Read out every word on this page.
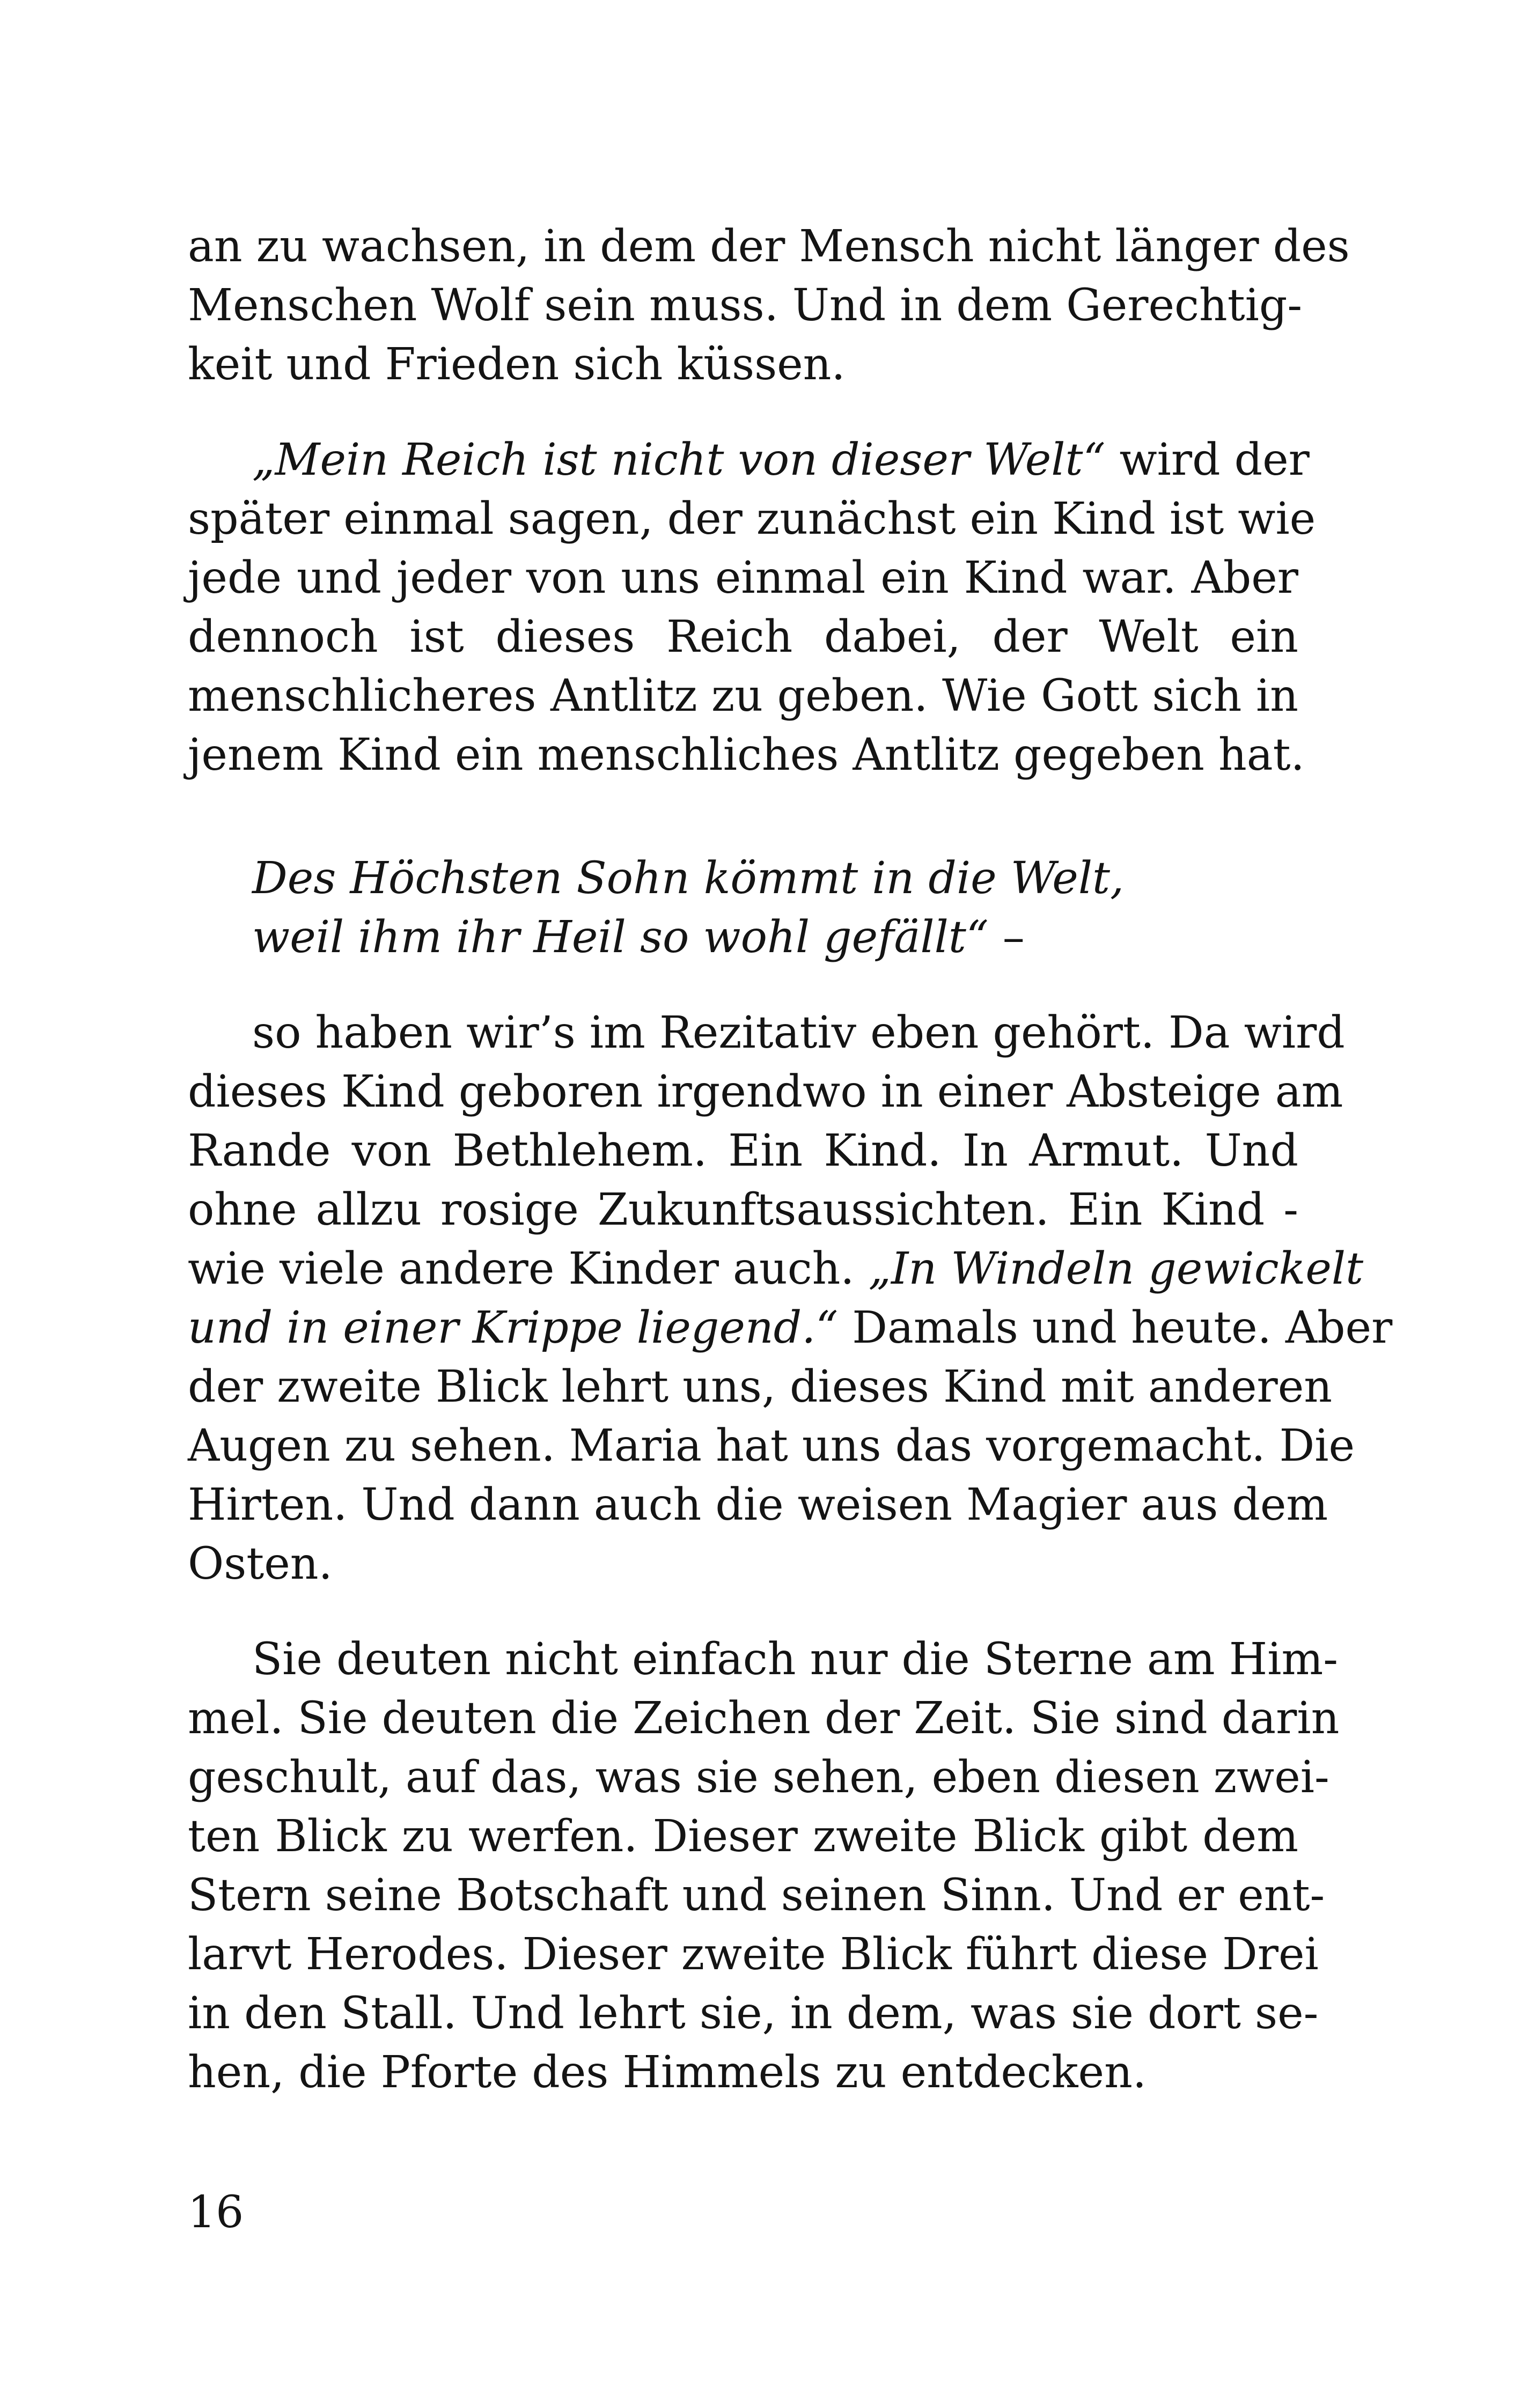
an zu wachsen, in dem der Mensch nicht länger des
Menschen Wolf sein muss. Und in dem Gerechtig-
keit und Frieden sich küssen.
„Mein Reich ist nicht von dieser Welt“ wird der
später einmal sagen, der zunächst ein Kind ist wie
jede und jeder von uns einmal ein Kind war. Aber
dennoch ist dieses Reich dabei, der Welt ein
menschlicheres Antlitz zu geben. Wie Gott sich in
jenem Kind ein menschliches Antlitz gegeben hat.
Des Höchsten Sohn kömmt in die Welt,
weil ihm ihr Heil so wohl gefällt“ –
so haben wir’s im Rezitativ eben gehört. Da wird
dieses Kind geboren irgendwo in einer Absteige am
Rande von Bethlehem. Ein Kind. In Armut. Und
ohne allzu rosige Zukunftsaussichten. Ein Kind -
wie viele andere Kinder auch. „In Windeln gewickelt
und in einer Krippe liegend.“ Damals und heute. Aber
der zweite Blick lehrt uns, dieses Kind mit anderen
Augen zu sehen. Maria hat uns das vorgemacht. Die
Hirten. Und dann auch die weisen Magier aus dem
Osten.
Sie deuten nicht einfach nur die Sterne am Him-
mel. Sie deuten die Zeichen der Zeit. Sie sind darin
geschult, auf das, was sie sehen, eben diesen zwei-
ten Blick zu werfen. Dieser zweite Blick gibt dem
Stern seine Botschaft und seinen Sinn. Und er ent-
larvt Herodes. Dieser zweite Blick führt diese Drei
in den Stall. Und lehrt sie, in dem, was sie dort se-
hen, die Pforte des Himmels zu entdecken.
16
